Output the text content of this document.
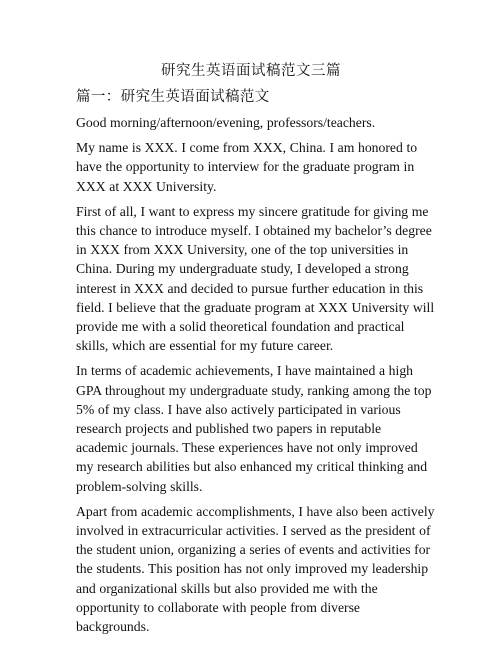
研究生英语面试稿范文三篇
篇一：研究生英语面试稿范文

Good morning/afternoon/evening, professors/teachers.

My name is XXX. I come from XXX, China. I am honored to have the opportunity to interview for the graduate program in XXX at XXX University.

First of all, I want to express my sincere gratitude for giving me this chance to introduce myself. I obtained my bachelor’s degree in XXX from XXX University, one of the top universities in China. During my undergraduate study, I developed a strong interest in XXX and decided to pursue further education in this field. I believe that the graduate program at XXX University will provide me with a solid theoretical foundation and practical skills, which are essential for my future career.

In terms of academic achievements, I have maintained a high GPA throughout my undergraduate study, ranking among the top 5% of my class. I have also actively participated in various research projects and published two papers in reputable academic journals. These experiences have not only improved my research abilities but also enhanced my critical thinking and problem-solving skills.

Apart from academic accomplishments, I have also been actively involved in extracurricular activities. I served as the president of the student union, organizing a series of events and activities for the students. This position has not only improved my leadership and organizational skills but also provided me with the opportunity to collaborate with people from diverse backgrounds.
